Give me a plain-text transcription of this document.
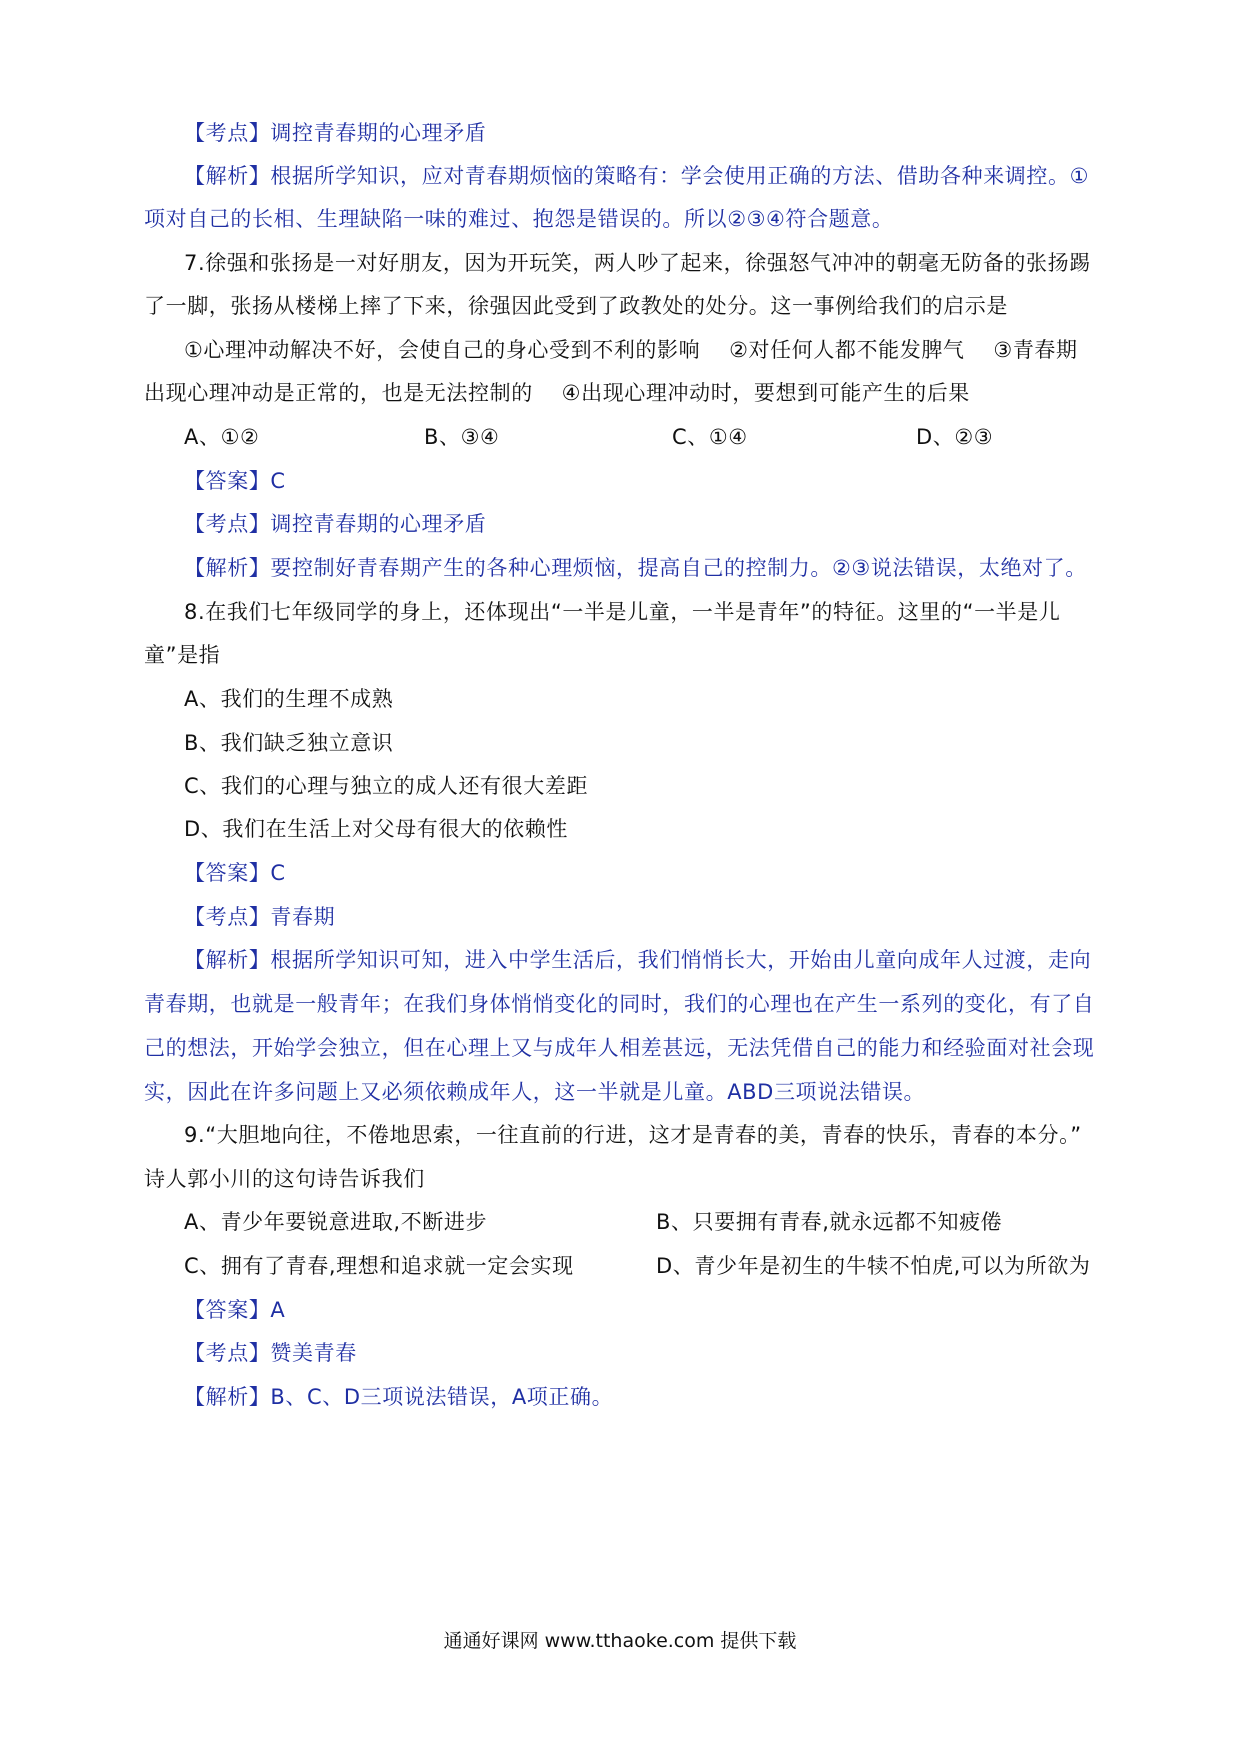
【考点】调控青春期的心理矛盾
【解析】根据所学知识，应对青春期烦恼的策略有：学会使用正确的方法、借助各种来调控。①
项对自己的长相、生理缺陷一味的难过、抱怨是错误的。所以②③④符合题意。
7.徐强和张扬是一对好朋友，因为开玩笑，两人吵了起来，徐强怒气冲冲的朝毫无防备的张扬踢
了一脚，张扬从楼梯上摔了下来，徐强因此受到了政教处的处分。这一事例给我们的启示是
①心理冲动解决不好，会使自己的身心受到不利的影响　 ②对任何人都不能发脾气　 ③青春期
出现心理冲动是正常的，也是无法控制的　 ④出现心理冲动时，要想到可能产生的后果
A、①②	B、③④	C、①④	D、②③
【答案】C
【考点】调控青春期的心理矛盾
【解析】要控制好青春期产生的各种心理烦恼，提高自己的控制力。②③说法错误，太绝对了。
8.在我们七年级同学的身上，还体现出“一半是儿童，一半是青年”的特征。这里的“一半是儿
童”是指
A、我们的生理不成熟
B、我们缺乏独立意识
C、我们的心理与独立的成人还有很大差距
D、我们在生活上对父母有很大的依赖性
【答案】C
【考点】青春期
【解析】根据所学知识可知，进入中学生活后，我们悄悄长大，开始由儿童向成年人过渡，走向
青春期，也就是一般青年；在我们身体悄悄变化的同时，我们的心理也在产生一系列的变化，有了自
己的想法，开始学会独立，但在心理上又与成年人相差甚远，无法凭借自己的能力和经验面对社会现
实，因此在许多问题上又必须依赖成年人，这一半就是儿童。ABD三项说法错误。
9.“大胆地向往，不倦地思索，一往直前的行进，这才是青春的美，青春的快乐，青春的本分。”
诗人郭小川的这句诗告诉我们
A、青少年要锐意进取,不断进步	B、只要拥有青春,就永远都不知疲倦
C、拥有了青春,理想和追求就一定会实现	D、青少年是初生的牛犊不怕虎,可以为所欲为
【答案】A
【考点】赞美青春
【解析】B、C、D三项说法错误，A项正确。
通通好课网 www.tthaoke.com 提供下载
